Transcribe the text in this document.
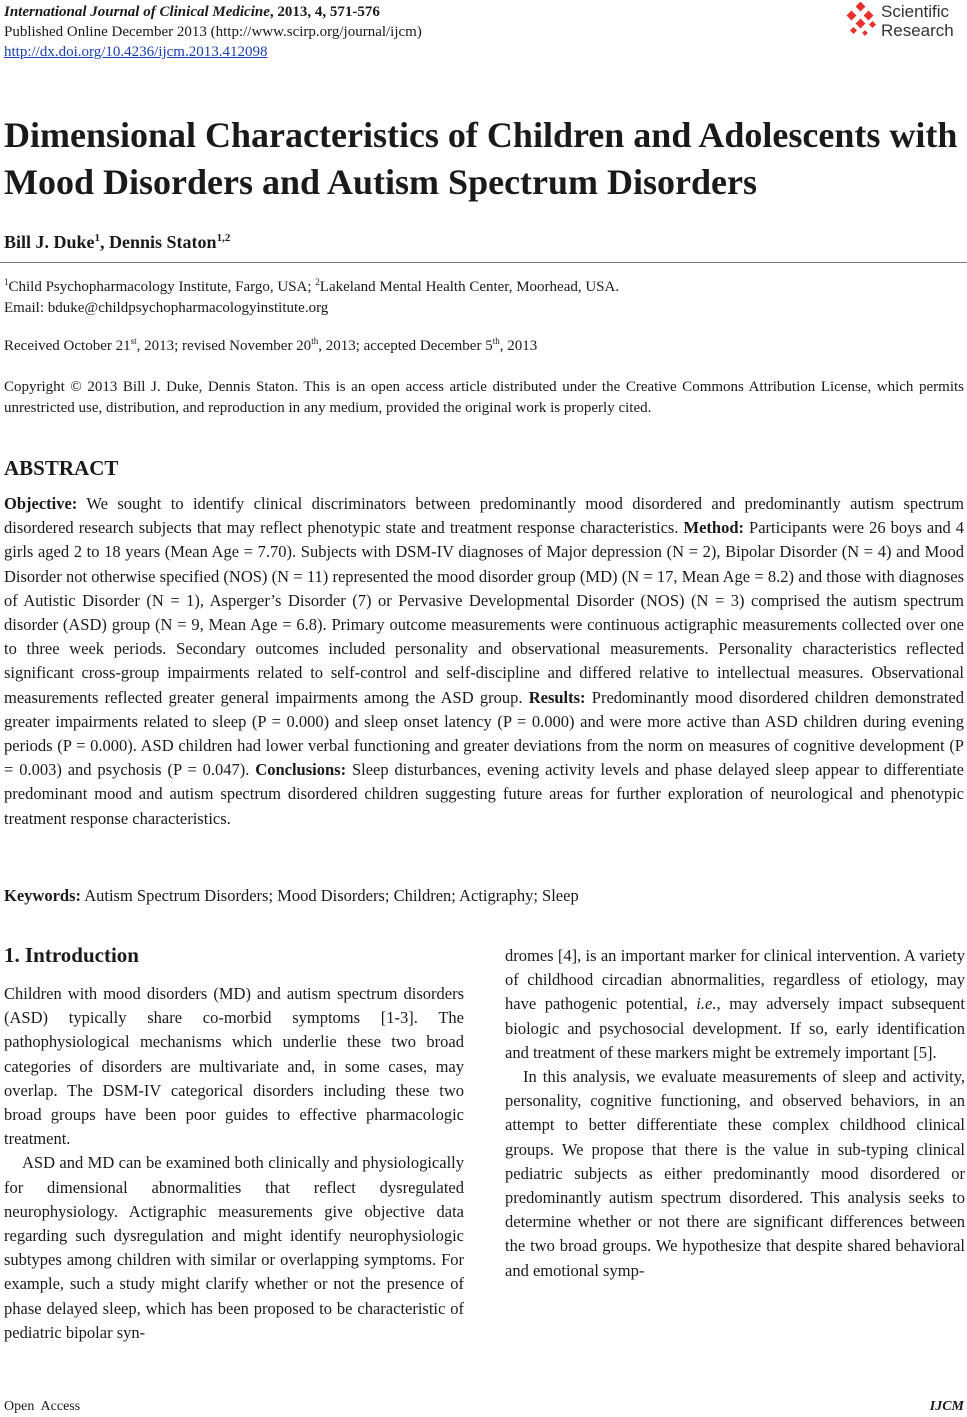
International Journal of Clinical Medicine, 2013, 4, 571-576
Published Online December 2013 (http://www.scirp.org/journal/ijcm)
http://dx.doi.org/10.4236/ijcm.2013.412098
Scientific
Research
Dimensional Characteristics of Children and Adolescents with Mood Disorders and Autism Spectrum Disorders
Bill J. Duke$^1$, Dennis Staton$^{1,2}$
$^1$Child Psychopharmacology Institute, Fargo, USA; $^2$Lakeland Mental Health Center, Moorhead, USA.
Email: bduke@childpsychopharmacologyinstitute.org
Received October 21st, 2013; revised November 20th, 2013; accepted December 5th, 2013
Copyright © 2013 Bill J. Duke, Dennis Staton. This is an open access article distributed under the Creative Commons Attribution License, which permits unrestricted use, distribution, and reproduction in any medium, provided the original work is properly cited.
ABSTRACT

Objective: We sought to identify clinical discriminators between predominantly mood disordered and predominantly autism spectrum disordered research subjects that may reflect phenotypic state and treatment response characteristics. Method: Participants were 26 boys and 4 girls aged 2 to 18 years (Mean Age = 7.70). Subjects with DSM-IV diagnoses of Major depression (N = 2), Bipolar Disorder (N = 4) and Mood Disorder not otherwise specified (NOS) (N = 11) represented the mood disorder group (MD) (N = 17, Mean Age = 8.2) and those with diagnoses of Autistic Disorder (N = 1), Asperger’s Disorder (7) or Pervasive Developmental Disorder (NOS) (N = 3) comprised the autism spectrum disorder (ASD) group (N = 9, Mean Age = 6.8). Primary outcome measurements were continuous actigraphic measurements collected over one to three week periods. Secondary outcomes included personality and observational measurements. Personality characteristics reflected significant cross-group impairments related to self-control and self-discipline and differed relative to intellectual measures. Observational measurements reflected greater general impairments among the ASD group. Results: Predominantly mood disordered children demonstrated greater impairments related to sleep (P = 0.000) and sleep onset latency (P = 0.000) and were more active than ASD children during evening periods (P = 0.000). ASD children had lower verbal functioning and greater deviations from the norm on measures of cognitive development (P = 0.003) and psychosis (P = 0.047). Conclusions: Sleep disturbances, evening activity levels and phase delayed sleep appear to differentiate predominant mood and autism spectrum disordered children suggesting future areas for further exploration of neurological and phenotypic treatment response characteristics.

Keywords: Autism Spectrum Disorders; Mood Disorders; Children; Actigraphy; Sleep
1. Introduction

Children with mood disorders (MD) and autism spectrum disorders (ASD) typically share co-morbid symptoms [1-3]. The pathophysiological mechanisms which underlie these two broad categories of disorders are multivariate and, in some cases, may overlap. The DSM-IV categorical disorders including these two broad groups have been poor guides to effective pharmacologic treatment.

ASD and MD can be examined both clinically and physiologically for dimensional abnormalities that reflect dysregulated neurophysiology. Actigraphic measurements give objective data regarding such dysregulation and might identify neurophysiologic subtypes among children with similar or overlapping symptoms. For example, such a study might clarify whether or not the presence of phase delayed sleep, which has been proposed to be characteristic of pediatric bipolar syn-

dromes [4], is an important marker for clinical intervention. A variety of childhood circadian abnormalities, regardless of etiology, may have pathogenic potential, i.e., may adversely impact subsequent biologic and psychosocial development. If so, early identification and treatment of these markers might be extremely important [5].

In this analysis, we evaluate measurements of sleep and activity, personality, cognitive functioning, and observed behaviors, in an attempt to better differentiate these complex childhood clinical groups. We propose that there is the value in sub-typing clinical pediatric subjects as either predominantly mood disordered or predominantly autism spectrum disordered. This analysis seeks to determine whether or not there are significant differences between the two broad groups. We hypothesize that despite shared behavioral and emotional symp-

Open  Access	IJCM
